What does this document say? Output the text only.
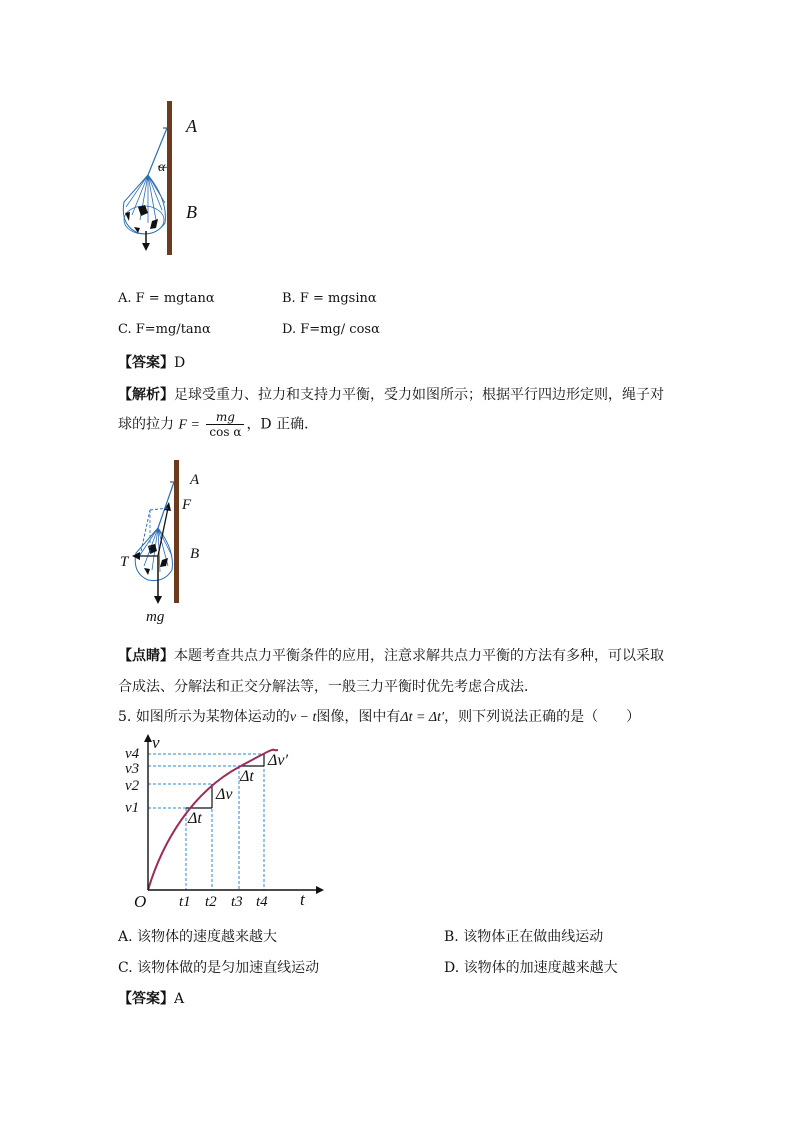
A
α
B
A. F = mgtanα	B. F = mgsinα
C. F=mg/tanα	D. F=mg/ cosα
【答案】D
【解析】足球受重力、拉力和支持力平衡，受力如图所示；根据平行四边形定则，绳子对
球的拉力 $F = \frac{mg}{\text{cos α}}$ ，D 正确．
A
F
B
T
mg
【点睛】本题考查共点力平衡条件的应用，注意求解共点力平衡的方法有多种，可以采取
合成法、分解法和正交分解法等，一般三力平衡时优先考虑合成法．
5. 如图所示为某物体运动的v − t图像，图中有Δt = Δt′，则下列说法正确的是（　　）
v
t
O
v4
v3
v2
v1
t1 t2 t3 t4
Δt
Δv
Δt
Δv′
A. 该物体的速度越来越大	B. 该物体正在做曲线运动
C. 该物体做的是匀加速直线运动	D. 该物体的加速度越来越大
【答案】A
